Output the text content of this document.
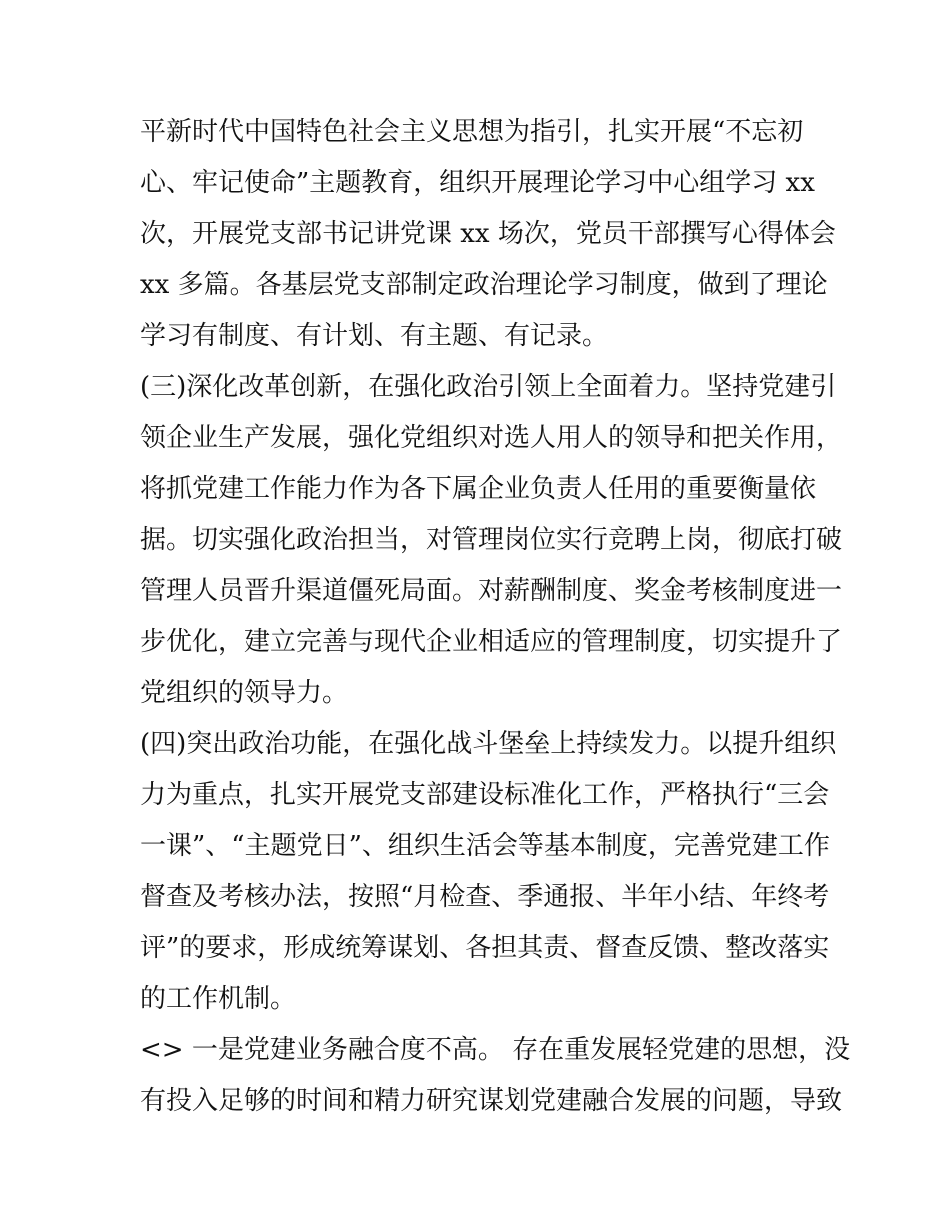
平新时代中国特色社会主义思想为指引，扎实开展“不忘初
心、牢记使命”主题教育，组织开展理论学习中心组学习 xx
次，开展党支部书记讲党课 xx 场次，党员干部撰写心得体会
xx 多篇。各基层党支部制定政治理论学习制度，做到了理论
学习有制度、有计划、有主题、有记录。
(三)深化改革创新，在强化政治引领上全面着力。坚持党建引
领企业生产发展，强化党组织对选人用人的领导和把关作用，
将抓党建工作能力作为各下属企业负责人任用的重要衡量依
据。切实强化政治担当，对管理岗位实行竞聘上岗，彻底打破
管理人员晋升渠道僵死局面。对薪酬制度、奖金考核制度进一
步优化，建立完善与现代企业相适应的管理制度，切实提升了
党组织的领导力。
(四)突出政治功能，在强化战斗堡垒上持续发力。以提升组织
力为重点，扎实开展党支部建设标准化工作，严格执行“三会
一课”、“主题党日”、组织生活会等基本制度，完善党建工作
督查及考核办法，按照“月检查、季通报、半年小结、年终考
评”的要求，形成统筹谋划、各担其责、督查反馈、整改落实
的工作机制。
<> 一是党建业务融合度不高。 存在重发展轻党建的思想，没
有投入足够的时间和精力研究谋划党建融合发展的问题，导致
